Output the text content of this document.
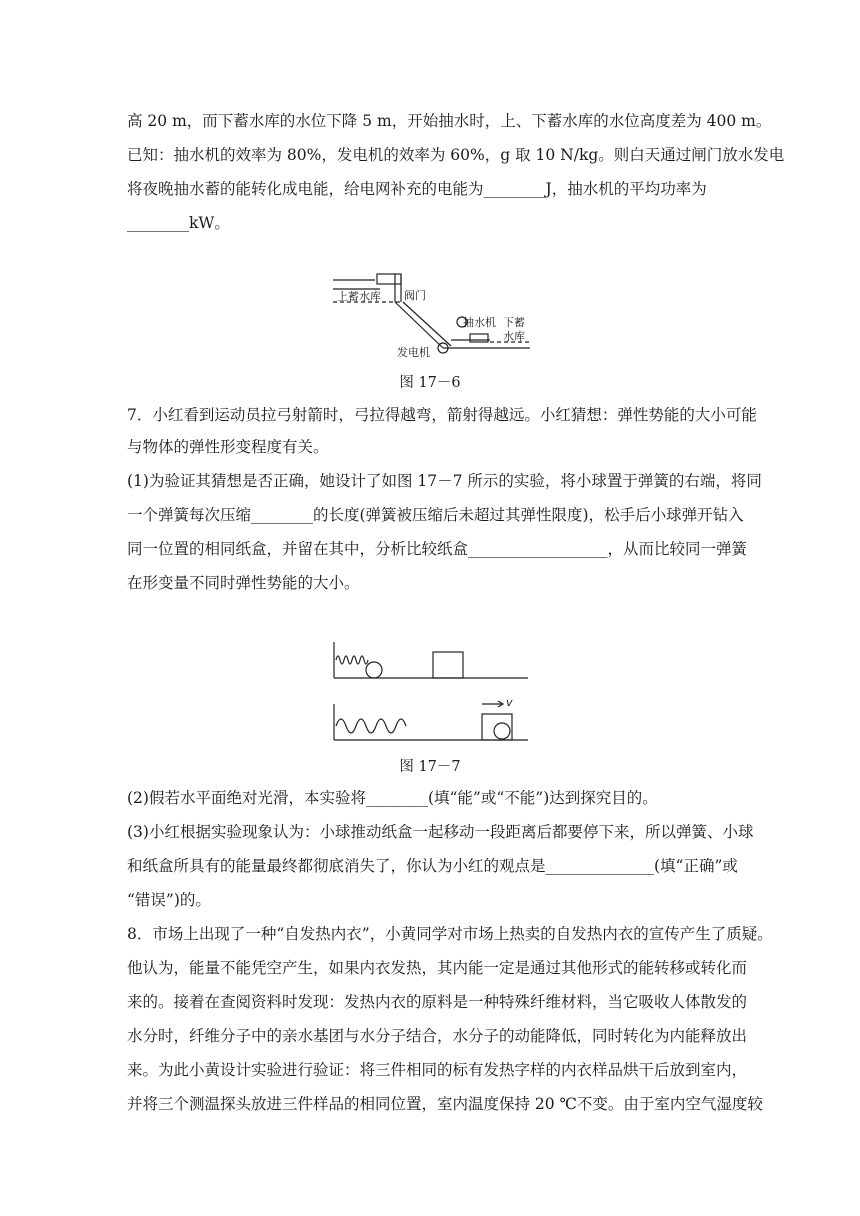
高 20 m，而下蓄水库的水位下降 5 m，开始抽水时，上、下蓄水库的水位高度差为 400 m。
已知：抽水机的效率为 80%，发电机的效率为 60%，g 取 10 N/kg。则白天通过闸门放水发电
将夜晚抽水蓄的能转化成电能，给电网补充的电能为________J，抽水机的平均功率为
________kW。
上蓄水库 阀门
抽水机 下蓄
水库
发电机
图 17－6
7．小红看到运动员拉弓射箭时，弓拉得越弯，箭射得越远。小红猜想：弹性势能的大小可能
与物体的弹性形变程度有关。
(1)为验证其猜想是否正确，她设计了如图 17－7 所示的实验，将小球置于弹簧的右端，将同
一个弹簧每次压缩________的长度(弹簧被压缩后未超过其弹性限度)，松手后小球弹开钻入
同一位置的相同纸盒，并留在其中，分析比较纸盒__________________，从而比较同一弹簧
在形变量不同时弹性势能的大小。
v
图 17－7
(2)假若水平面绝对光滑，本实验将________(填“能”或“不能”)达到探究目的。
(3)小红根据实验现象认为：小球推动纸盒一起移动一段距离后都要停下来，所以弹簧、小球
和纸盒所具有的能量最终都彻底消失了，你认为小红的观点是______________(填“正确”或
“错误”)的。
8．市场上出现了一种“自发热内衣”，小黄同学对市场上热卖的自发热内衣的宣传产生了质疑。
他认为，能量不能凭空产生，如果内衣发热，其内能一定是通过其他形式的能转移或转化而
来的。接着在查阅资料时发现：发热内衣的原料是一种特殊纤维材料，当它吸收人体散发的
水分时，纤维分子中的亲水基团与水分子结合，水分子的动能降低，同时转化为内能释放出
来。为此小黄设计实验进行验证：将三件相同的标有发热字样的内衣样品烘干后放到室内，
并将三个测温探头放进三件样品的相同位置，室内温度保持 20 ℃不变。由于室内空气湿度较
